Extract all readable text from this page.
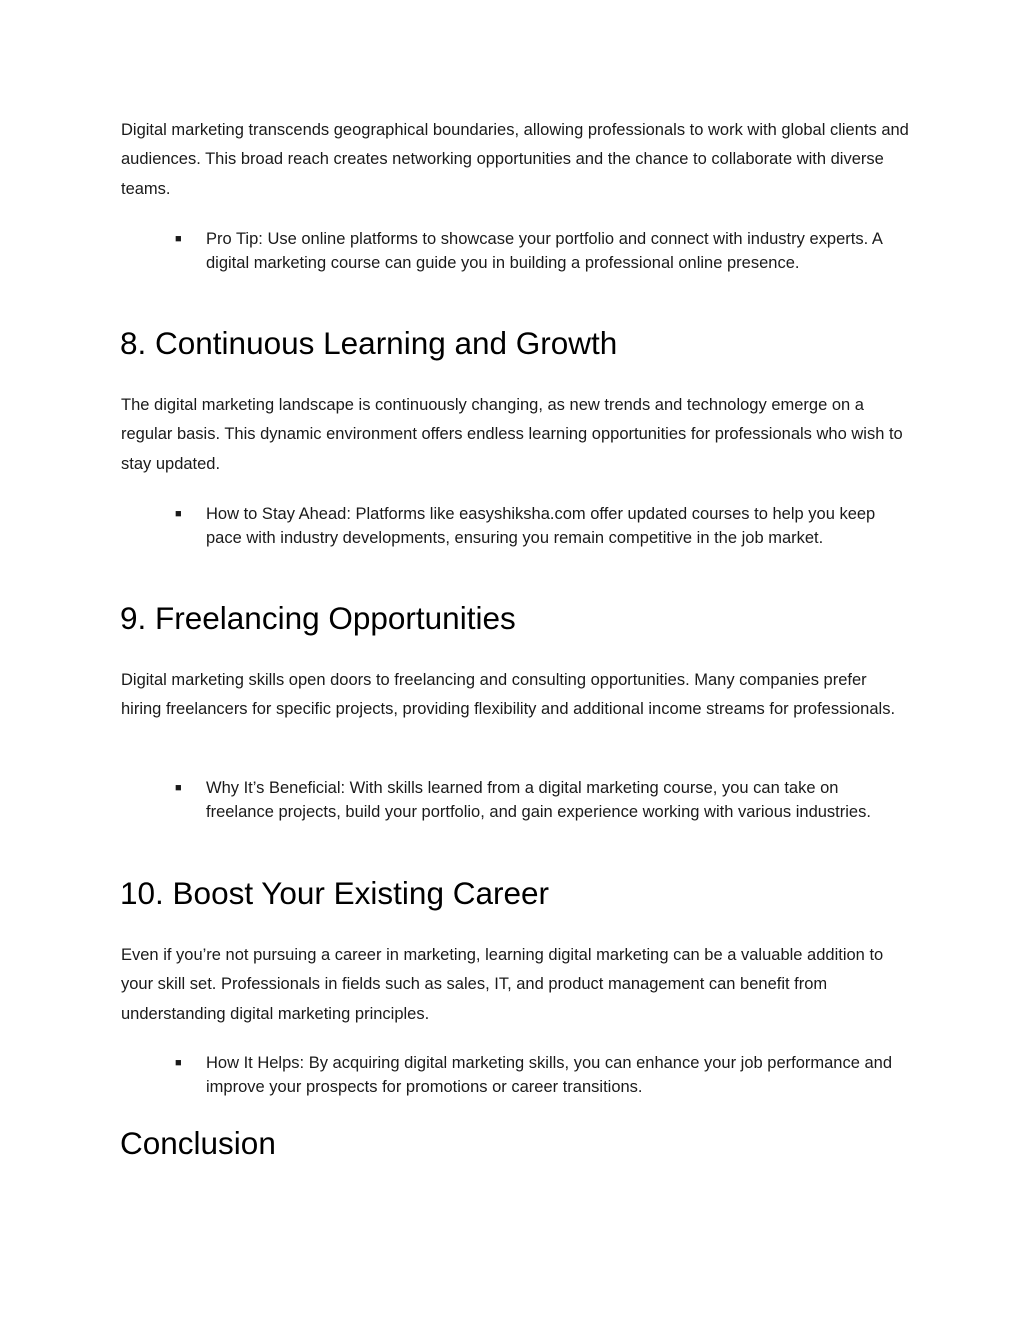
Digital marketing transcends geographical boundaries, allowing professionals to work with global clients and audiences. This broad reach creates networking opportunities and the chance to collaborate with diverse teams.

■ Pro Tip: Use online platforms to showcase your portfolio and connect with industry experts. A digital marketing course can guide you in building a professional online presence.
8. Continuous Learning and Growth

The digital marketing landscape is continuously changing, as new trends and technology emerge on a regular basis. This dynamic environment offers endless learning opportunities for professionals who wish to stay updated.

■ How to Stay Ahead: Platforms like easyshiksha.com offer updated courses to help you keep pace with industry developments, ensuring you remain competitive in the job market.
9. Freelancing Opportunities

Digital marketing skills open doors to freelancing and consulting opportunities. Many companies prefer hiring freelancers for specific projects, providing flexibility and additional income streams for professionals.

■ Why It’s Beneficial: With skills learned from a digital marketing course, you can take on freelance projects, build your portfolio, and gain experience working with various industries.
10. Boost Your Existing Career

Even if you’re not pursuing a career in marketing, learning digital marketing can be a valuable addition to your skill set. Professionals in fields such as sales, IT, and product management can benefit from understanding digital marketing principles.

■ How It Helps: By acquiring digital marketing skills, you can enhance your job performance and improve your prospects for promotions or career transitions.
Conclusion
